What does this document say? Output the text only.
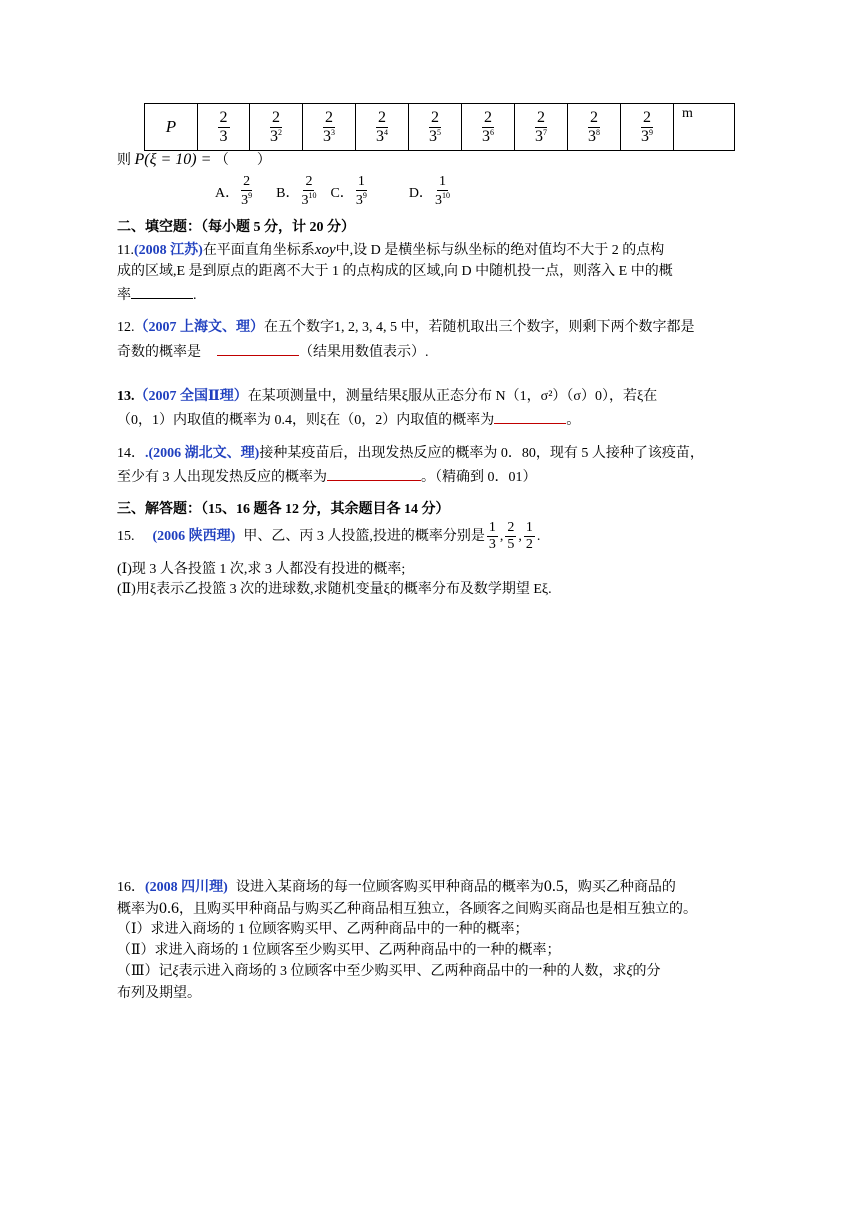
P	$\frac{2}{3}$	$\frac{2}{3^2}$	$\frac{2}{3^3}$	$\frac{2}{3^4}$	$\frac{2}{3^5}$	$\frac{2}{3^6}$	$\frac{2}{3^7}$	$\frac{2}{3^8}$	$\frac{2}{3^9}$	m
则 P(ξ = 10) = （　　）
A． $\frac{2}{3^9}$ B． $\frac{2}{3^{10}}$ C． $\frac{1}{3^9}$	D． $\frac{1}{3^{10}}$
二、填空题：（每小题 5 分，计 20 分）
11.(2008 江苏)在平面直角坐标系xoy中,设 D 是横坐标与纵坐标的绝对值均不大于 2 的点构
成的区域,E 是到原点的距离不大于 1 的点构成的区域,向 D 中随机投一点，则落入 E 中的概
率	.
12.（2007 上海文、理）在五个数字1, 2, 3, 4, 5 中，若随机取出三个数字，则剩下两个数字都是
奇数的概率是	（结果用数值表示）.
13.（2007 全国Ⅱ理）在某项测量中，测量结果ξ服从正态分布 N（1，σ²）（σ）0），若ξ在
（0，1）内取值的概率为 0.4，则ξ在（0，2）内取值的概率为	。
14．.(2006 湖北文、理)接种某疫苗后，出现发热反应的概率为 0．80，现有 5 人接种了该疫苗，
至少有 3 人出现发热反应的概率为	。（精确到 0．01）
三、解答题：（15、16 题各 12 分，其余题目各 14 分）
15. (2006 陕西理) 甲、乙、丙 3 人投篮,投进的概率分别是 $\frac{1}{3}$ , $\frac{2}{5}$ , $\frac{1}{2}$ .
(Ⅰ)现 3 人各投篮 1 次,求 3 人都没有投进的概率;
(Ⅱ)用ξ表示乙投篮 3 次的进球数,求随机变量ξ的概率分布及数学期望 Eξ.
16．(2008 四川理) 设进入某商场的每一位顾客购买甲种商品的概率为0.5，购买乙种商品的
概率为0.6，且购买甲种商品与购买乙种商品相互独立，各顾客之间购买商品也是相互独立的。
（Ⅰ）求进入商场的 1 位顾客购买甲、乙两种商品中的一种的概率；
（Ⅱ）求进入商场的 1 位顾客至少购买甲、乙两种商品中的一种的概率；
（Ⅲ）记ξ表示进入商场的 3 位顾客中至少购买甲、乙两种商品中的一种的人数，求ξ的分
布列及期望。
